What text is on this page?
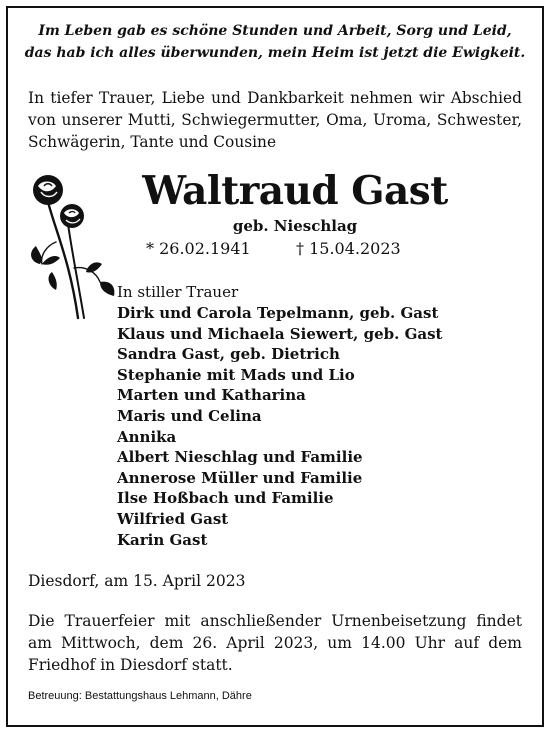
Im Leben gab es schöne Stunden und Arbeit, Sorg und Leid,
das hab ich alles überwunden, mein Heim ist jetzt die Ewigkeit.
In tiefer Trauer, Liebe und Dankbarkeit nehmen wir Abschied von unserer Mutti, Schwiegermutter, Oma, Uroma, Schwester, Schwägerin, Tante und Cousine
Waltraud Gast
geb. Nieschlag
* 26.02.1941	† 15.04.2023
In stiller Trauer
Dirk und Carola Tepelmann, geb. Gast
Klaus und Michaela Siewert, geb. Gast
Sandra Gast, geb. Dietrich
Stephanie mit Mads und Lio
Marten und Katharina
Maris und Celina
Annika
Albert Nieschlag und Familie
Annerose Müller und Familie
Ilse Hoßbach und Familie
Wilfried Gast
Karin Gast
Diesdorf, am 15. April 2023
Die Trauerfeier mit anschließender Urnenbeisetzung findet am Mittwoch, dem 26. April 2023, um 14.00 Uhr auf dem Friedhof in Diesdorf statt.
Betreuung: Bestattungshaus Lehmann, Dähre
